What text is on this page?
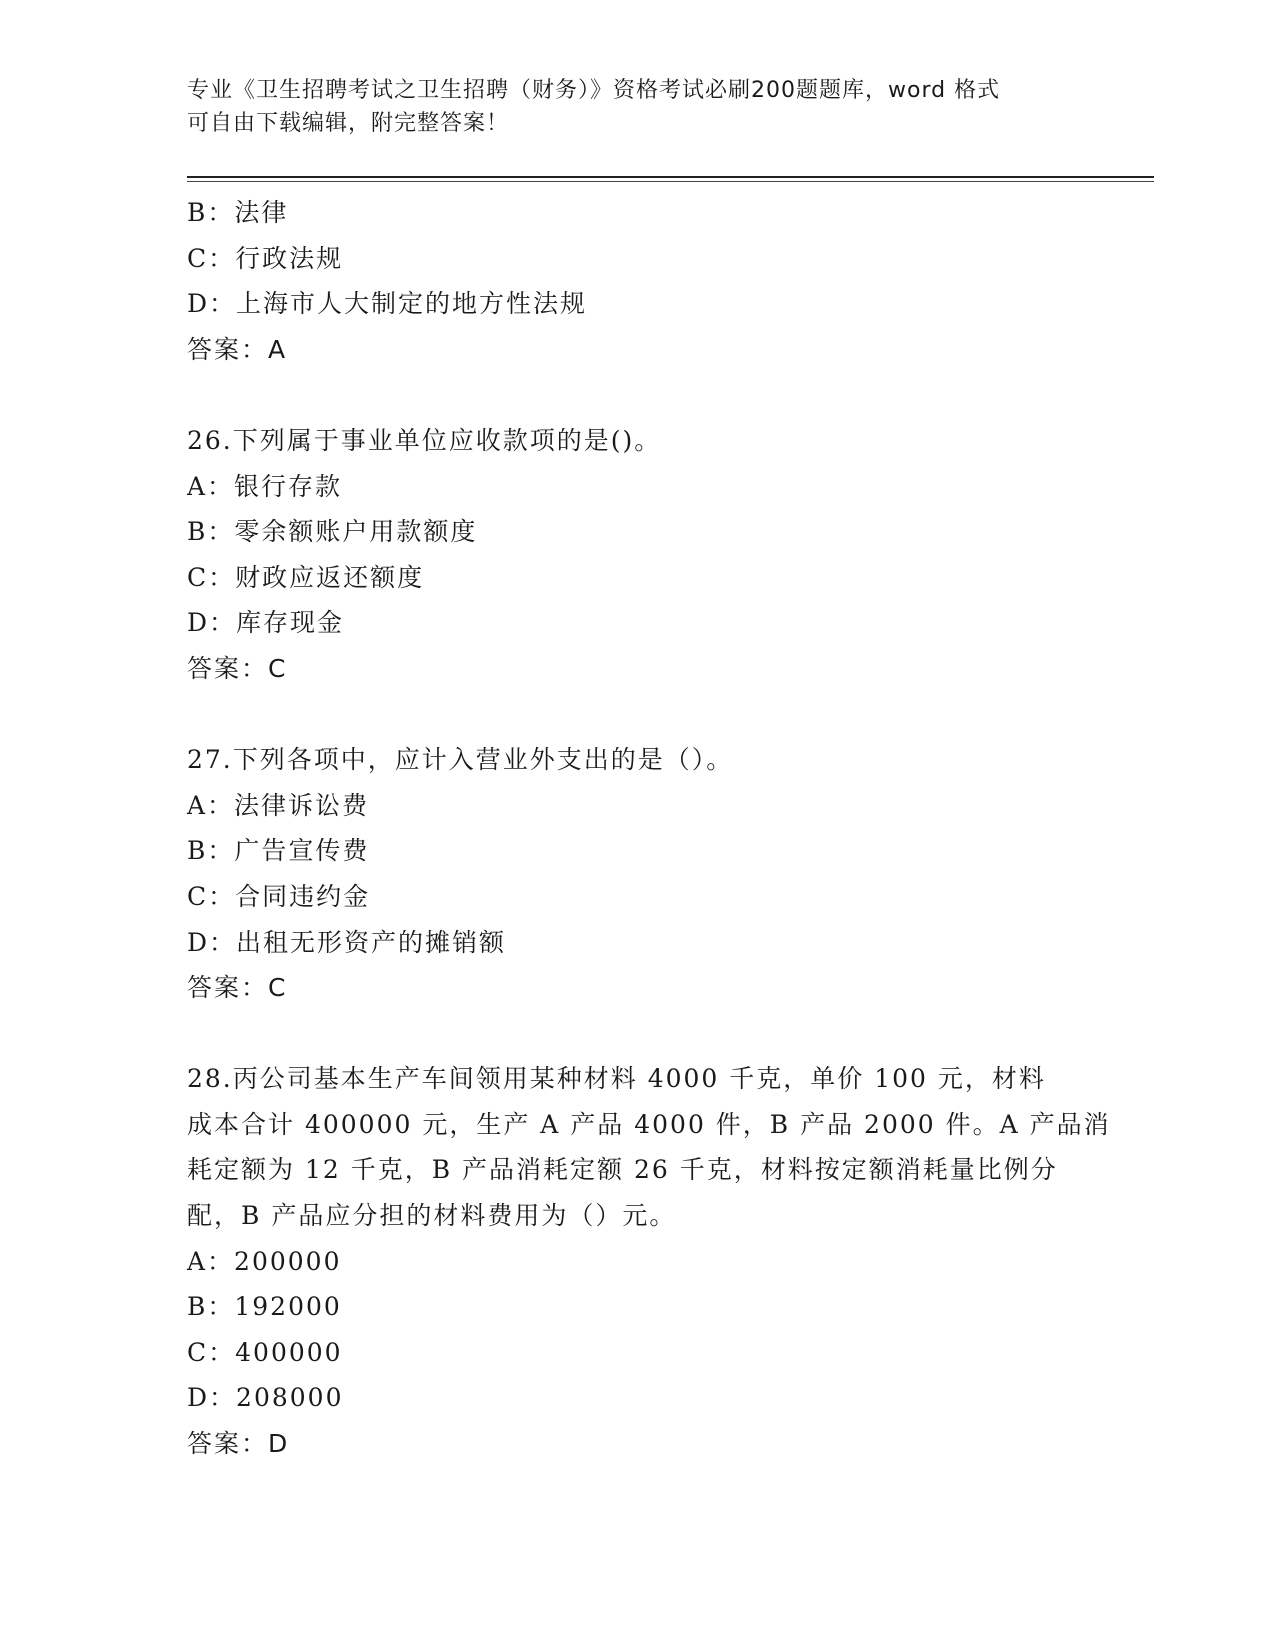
专业《卫生招聘考试之卫生招聘（财务）》资格考试必刷200题题库，word 格式
可自由下载编辑，附完整答案！
B：法律
C：行政法规
D：上海市人大制定的地方性法规
答案：A
26.下列属于事业单位应收款项的是()。
A：银行存款
B：零余额账户用款额度
C：财政应返还额度
D：库存现金
答案：C
27.下列各项中，应计入营业外支出的是（）。
A：法律诉讼费
B：广告宣传费
C：合同违约金
D：出租无形资产的摊销额
答案：C
28.丙公司基本生产车间领用某种材料 4000 千克，单价 100 元，材料
成本合计 400000 元，生产 A 产品 4000 件，B 产品 2000 件。A 产品消
耗定额为 12 千克，B 产品消耗定额 26 千克，材料按定额消耗量比例分
配，B 产品应分担的材料费用为（）元。
A：200000
B：192000
C：400000
D：208000
答案：D
